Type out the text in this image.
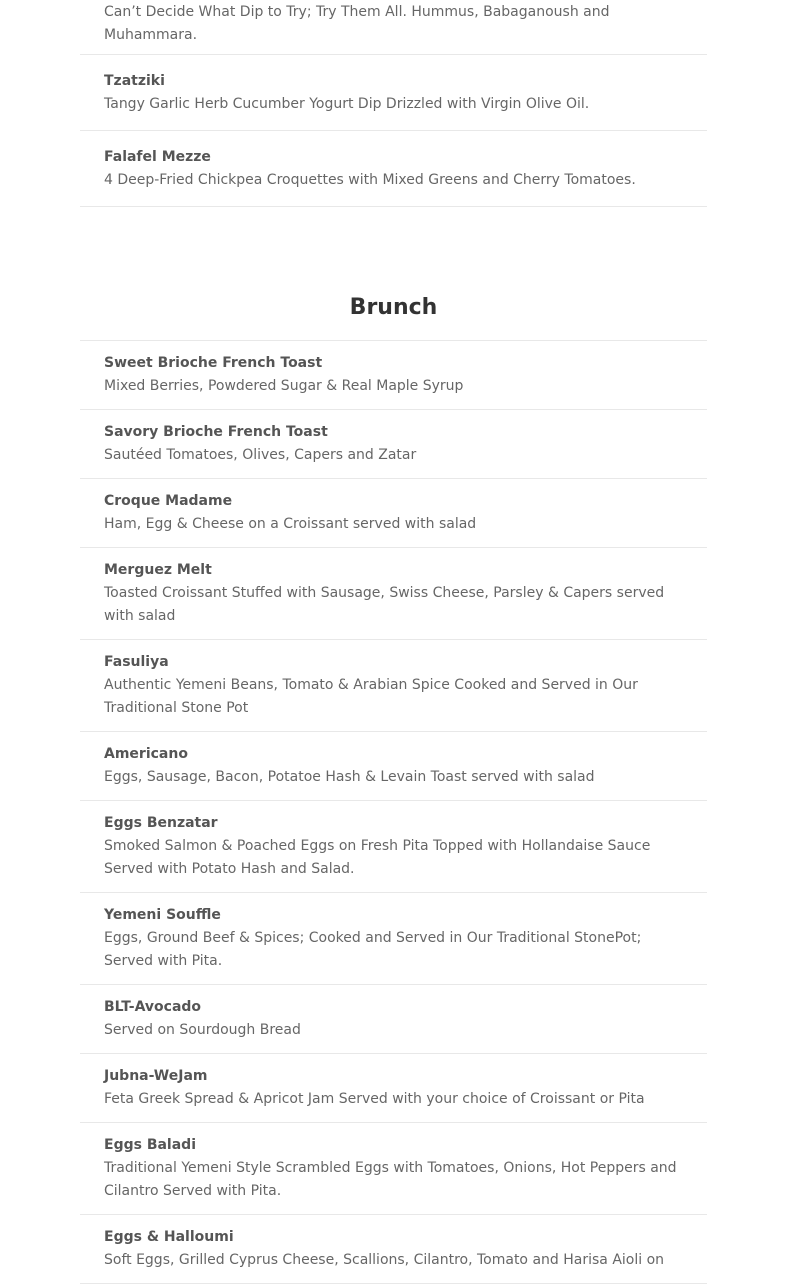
Can’t Decide What Dip to Try; Try Them All. Hummus, Babaganoush and Muhammara.
Tzatziki
Tangy Garlic Herb Cucumber Yogurt Dip Drizzled with Virgin Olive Oil.
Falafel Mezze
4 Deep-Fried Chickpea Croquettes with Mixed Greens and Cherry Tomatoes.
Brunch
Sweet Brioche French Toast
Mixed Berries, Powdered Sugar & Real Maple Syrup
Savory Brioche French Toast
Sautéed Tomatoes, Olives, Capers and Zatar
Croque Madame
Ham, Egg & Cheese on a Croissant served with salad
Merguez Melt
Toasted Croissant Stuffed with Sausage, Swiss Cheese, Parsley & Capers served with salad
Fasuliya
Authentic Yemeni Beans, Tomato & Arabian Spice Cooked and Served in Our Traditional Stone Pot
Americano
Eggs, Sausage, Bacon, Potatoe Hash & Levain Toast served with salad
Eggs Benzatar
Smoked Salmon & Poached Eggs on Fresh Pita Topped with Hollandaise Sauce Served with Potato Hash and Salad.
Yemeni Souffle
Eggs, Ground Beef & Spices; Cooked and Served in Our Traditional StonePot; Served with Pita.
BLT-Avocado
Served on Sourdough Bread
Jubna-WeJam
Feta Greek Spread & Apricot Jam Served with your choice of Croissant or Pita
Eggs Baladi
Traditional Yemeni Style Scrambled Eggs with Tomatoes, Onions, Hot Peppers and Cilantro Served with Pita.
Eggs & Halloumi
Soft Eggs, Grilled Cyprus Cheese, Scallions, Cilantro, Tomato and Harisa Aioli on
